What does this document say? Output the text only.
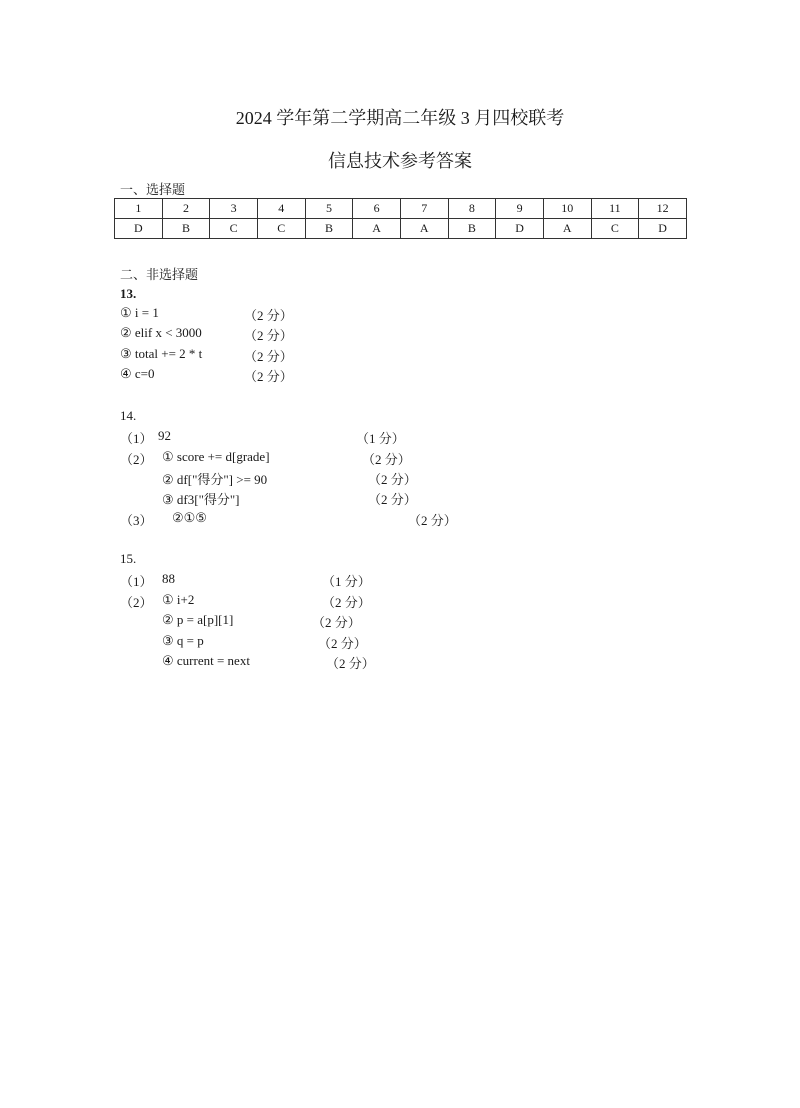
2024 学年第二学期高二年级 3 月四校联考
信息技术参考答案
一、选择题
1	2	3	4	5	6	7	8	9	10	11	12
D	B	C	C	B	A	A	B	D	A	C	D
二、非选择题
13.
① i = 1	（2 分）
② elif x < 3000	（2 分）
③ total += 2 * t	（2 分）
④ c=0	（2 分）
14.
（1） 92	（1 分）
（2） ① score += d[grade]	（2 分）
② df["得分"] >= 90	（2 分）
③ df3["得分"]	（2 分）
（3） ②①⑤	（2 分）
15.
（1） 88	（1 分）
（2） ① i+2	（2 分）
② p = a[p][1]	（2 分）
③ q = p	（2 分）
④ current = next	（2 分）
